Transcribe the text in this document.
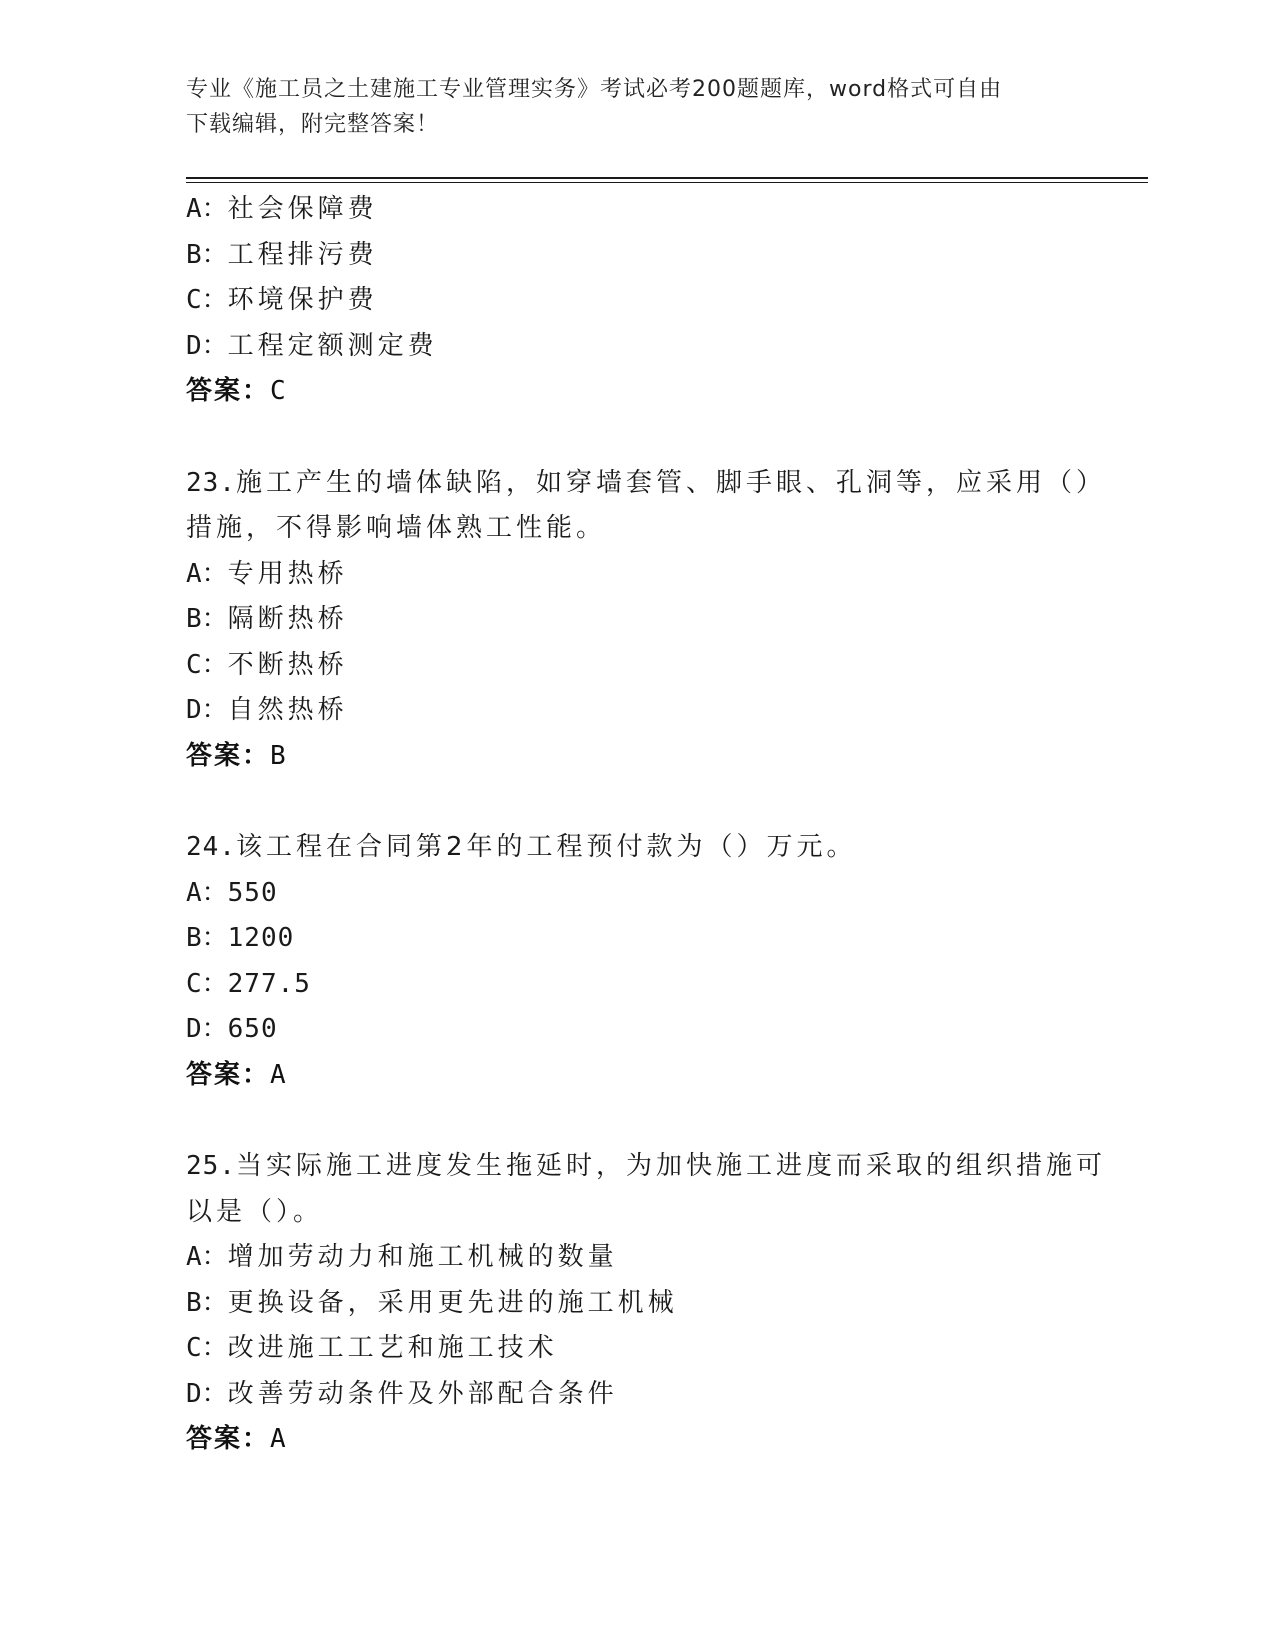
专业《施工员之土建施工专业管理实务》考试必考200题题库，word格式可自由
下载编辑，附完整答案！
A：社会保障费
B：工程排污费
C：环境保护费
D：工程定额测定费
答案：C
23.施工产生的墙体缺陷，如穿墙套管、脚手眼、孔洞等，应采用（）
措施，不得影响墙体熟工性能。
A：专用热桥
B：隔断热桥
C：不断热桥
D：自然热桥
答案：B
24.该工程在合同第2年的工程预付款为（）万元。
A：550
B：1200
C：277.5
D：650
答案：A
25.当实际施工进度发生拖延时，为加快施工进度而采取的组织措施可
以是（）。
A：增加劳动力和施工机械的数量
B：更换设备，采用更先进的施工机械
C：改进施工工艺和施工技术
D：改善劳动条件及外部配合条件
答案：A
